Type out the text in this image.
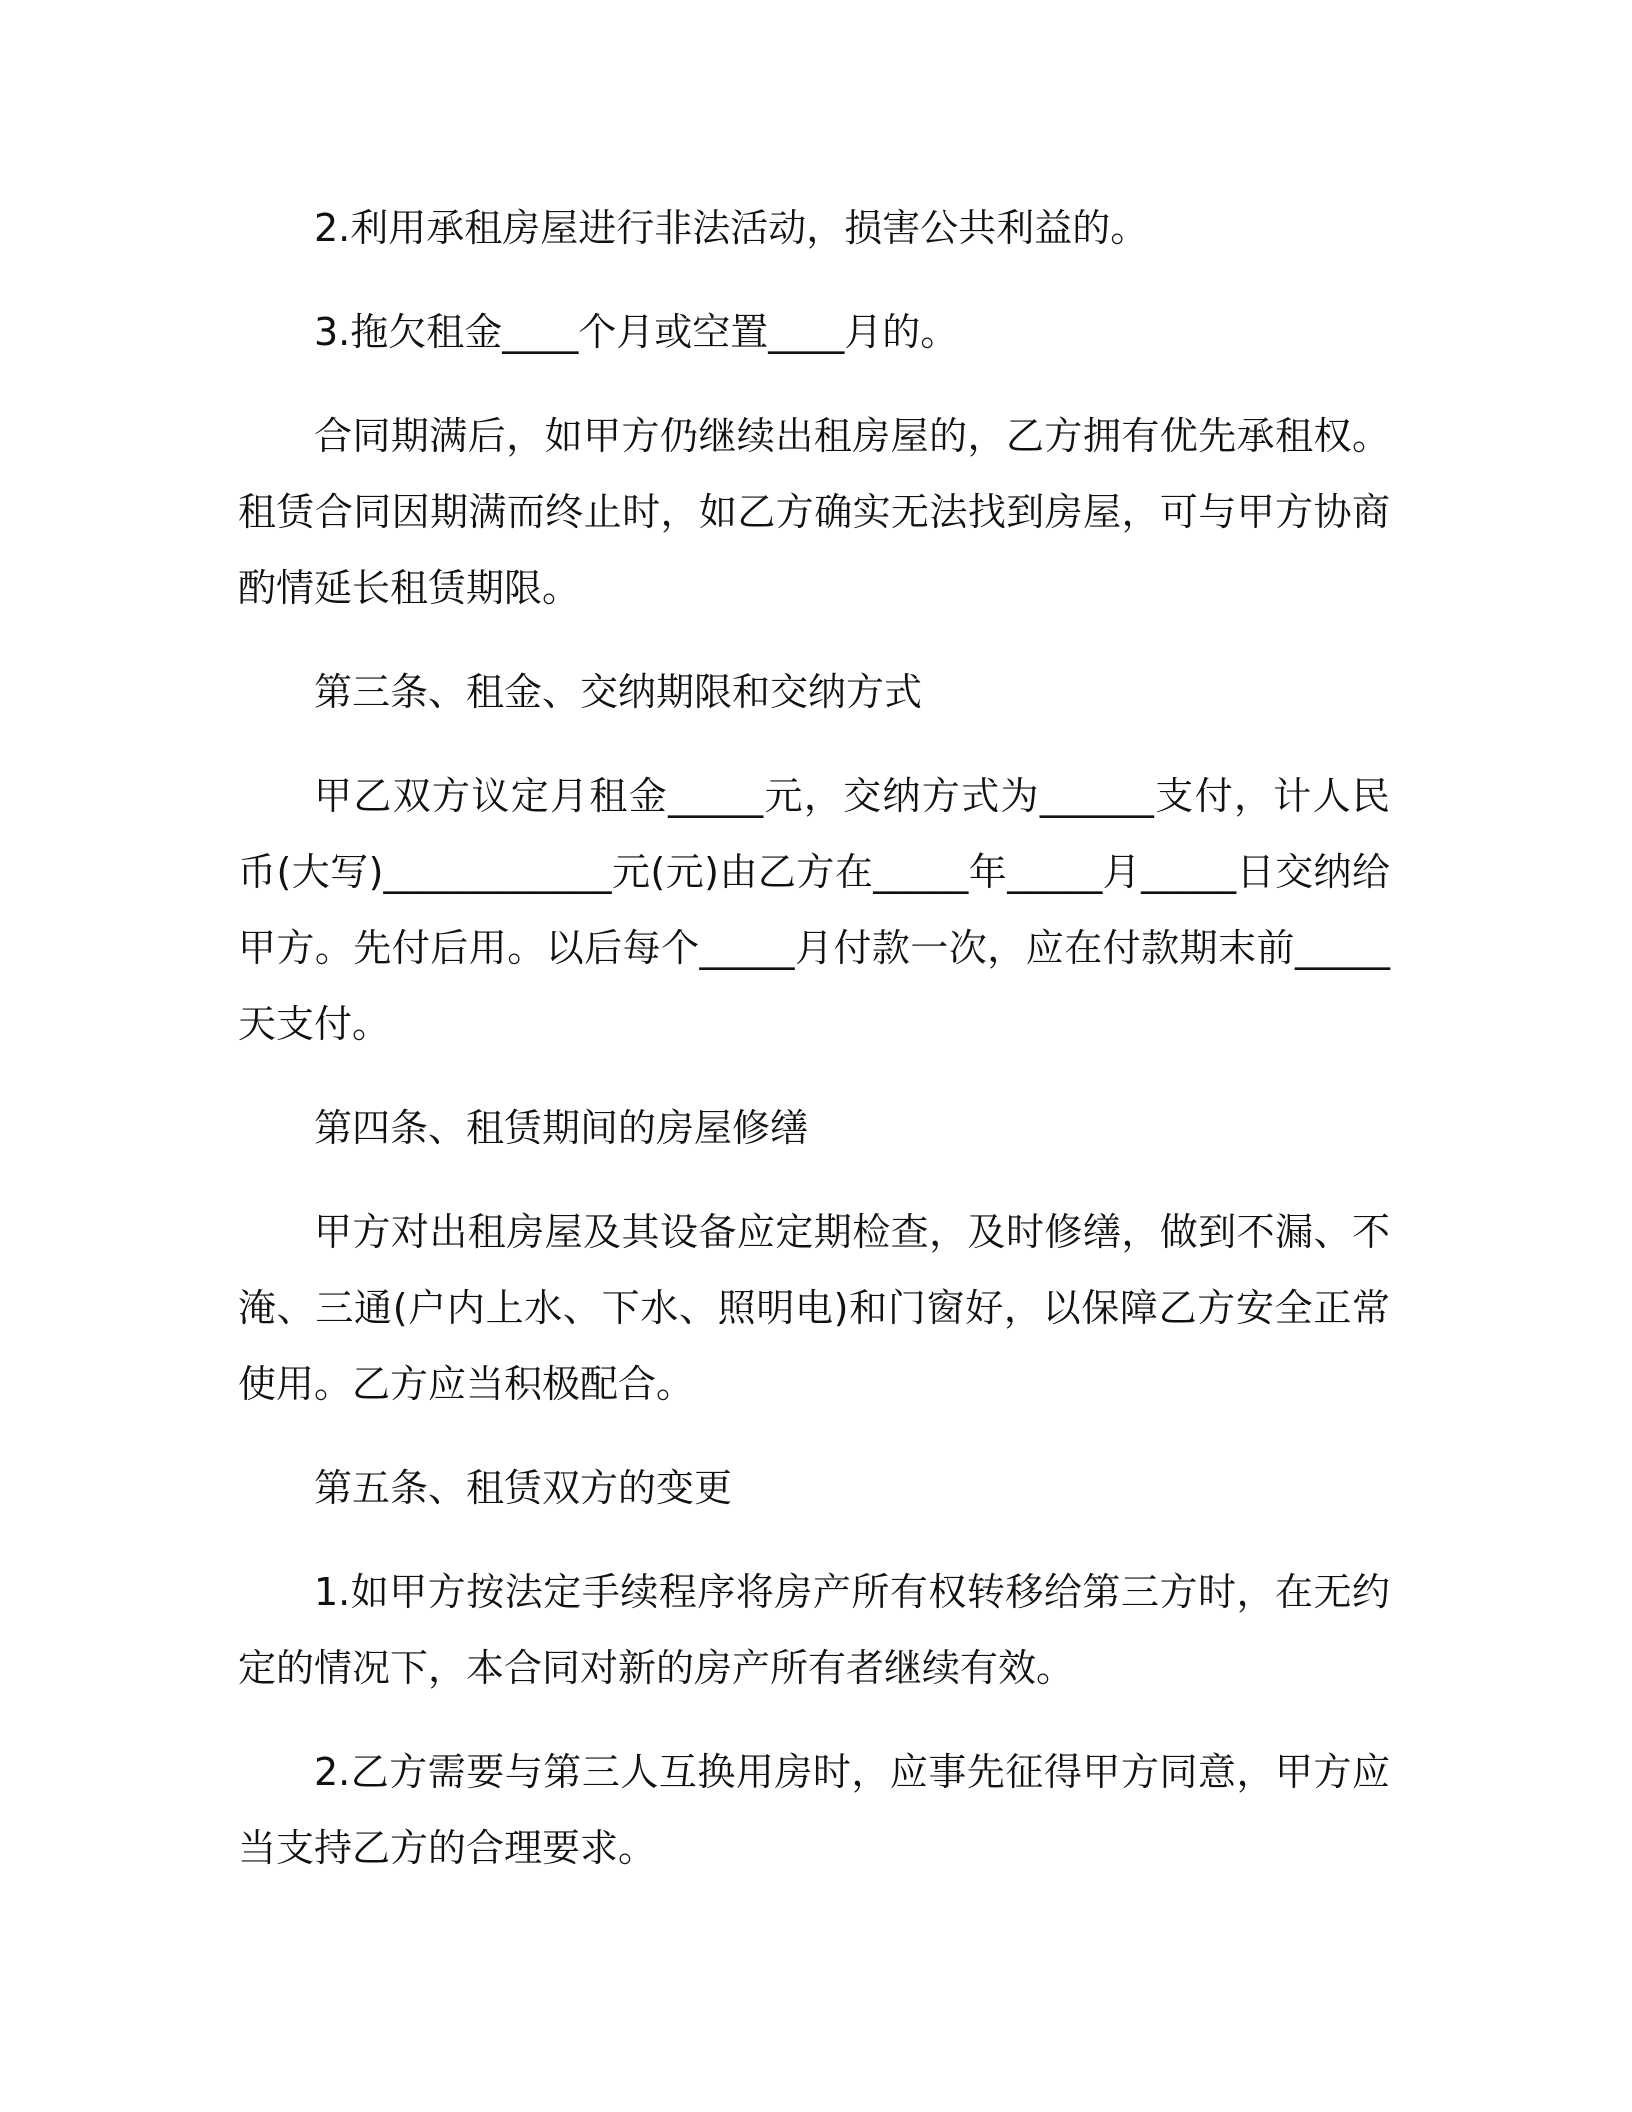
2.利用承租房屋进行非法活动，损害公共利益的。

3.拖欠租金____个月或空置____月的。

合同期满后，如甲方仍继续出租房屋的，乙方拥有优先承租权。租赁合同因期满而终止时，如乙方确实无法找到房屋，可与甲方协商酌情延长租赁期限。

第三条、租金、交纳期限和交纳方式

甲乙双方议定月租金_____元，交纳方式为______支付，计人民币(大写)____________元(元)由乙方在_____年_____月_____日交纳给甲方。先付后用。以后每个_____月付款一次，应在付款期末前_____天支付。

第四条、租赁期间的房屋修缮

甲方对出租房屋及其设备应定期检查，及时修缮，做到不漏、不淹、三通(户内上水、下水、照明电)和门窗好，以保障乙方安全正常使用。乙方应当积极配合。

第五条、租赁双方的变更

1.如甲方按法定手续程序将房产所有权转移给第三方时，在无约定的情况下，本合同对新的房产所有者继续有效。

2.乙方需要与第三人互换用房时，应事先征得甲方同意，甲方应当支持乙方的合理要求。
